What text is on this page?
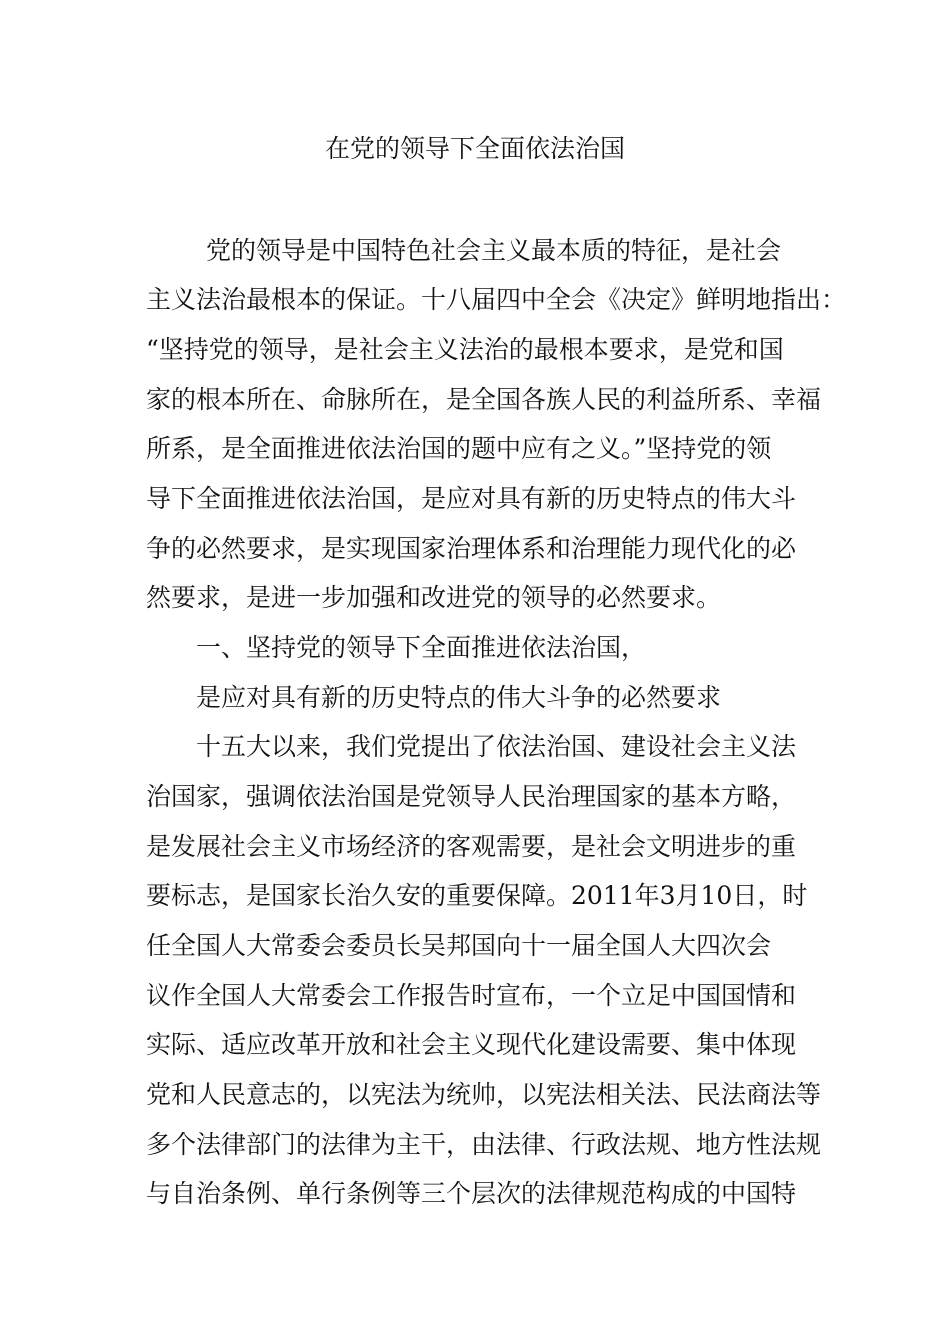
在党的领导下全面依法治国
党的领导是中国特色社会主义最本质的特征，是社会
主义法治最根本的保证。十八届四中全会《决定》鲜明地指出：
“坚持党的领导，是社会主义法治的最根本要求，是党和国
家的根本所在、命脉所在，是全国各族人民的利益所系、幸福
所系，是全面推进依法治国的题中应有之义。”坚持党的领
导下全面推进依法治国，是应对具有新的历史特点的伟大斗
争的必然要求，是实现国家治理体系和治理能力现代化的必
然要求，是进一步加强和改进党的领导的必然要求。
一、坚持党的领导下全面推进依法治国，
是应对具有新的历史特点的伟大斗争的必然要求
十五大以来，我们党提出了依法治国、建设社会主义法
治国家，强调依法治国是党领导人民治理国家的基本方略，
是发展社会主义市场经济的客观需要，是社会文明进步的重
要标志，是国家长治久安的重要保障。2011年3月10日，时
任全国人大常委会委员长吴邦国向十一届全国人大四次会
议作全国人大常委会工作报告时宣布，一个立足中国国情和
实际、适应改革开放和社会主义现代化建设需要、集中体现
党和人民意志的，以宪法为统帅，以宪法相关法、民法商法等
多个法律部门的法律为主干，由法律、行政法规、地方性法规
与自治条例、单行条例等三个层次的法律规范构成的中国特
